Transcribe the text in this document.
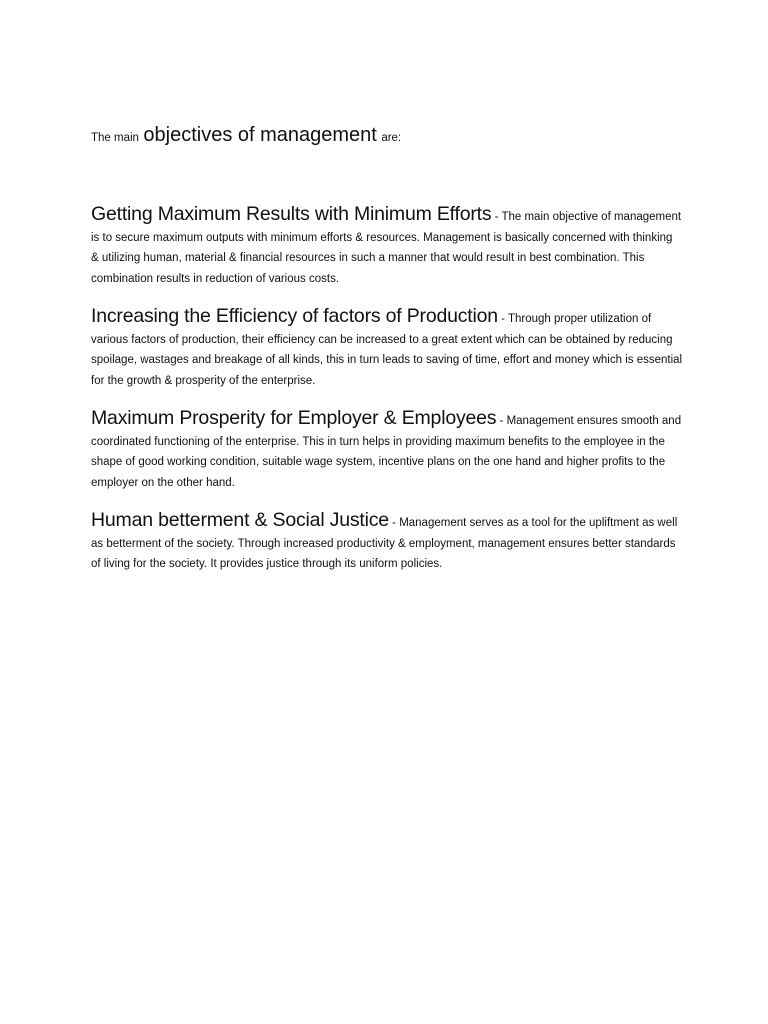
The main objectives of management are:

Getting Maximum Results with Minimum Efforts - The main objective of management is to secure maximum outputs with minimum efforts & resources. Management is basically concerned with thinking & utilizing human, material & financial resources in such a manner that would result in best combination. This combination results in reduction of various costs.

Increasing the Efficiency of factors of Production - Through proper utilization of various factors of production, their efficiency can be increased to a great extent which can be obtained by reducing spoilage, wastages and breakage of all kinds, this in turn leads to saving of time, effort and money which is essential for the growth & prosperity of the enterprise.

Maximum Prosperity for Employer & Employees - Management ensures smooth and coordinated functioning of the enterprise. This in turn helps in providing maximum benefits to the employee in the shape of good working condition, suitable wage system, incentive plans on the one hand and higher profits to the employer on the other hand.

Human betterment & Social Justice - Management serves as a tool for the upliftment as well as betterment of the society. Through increased productivity & employment, management ensures better standards of living for the society. It provides justice through its uniform policies.
